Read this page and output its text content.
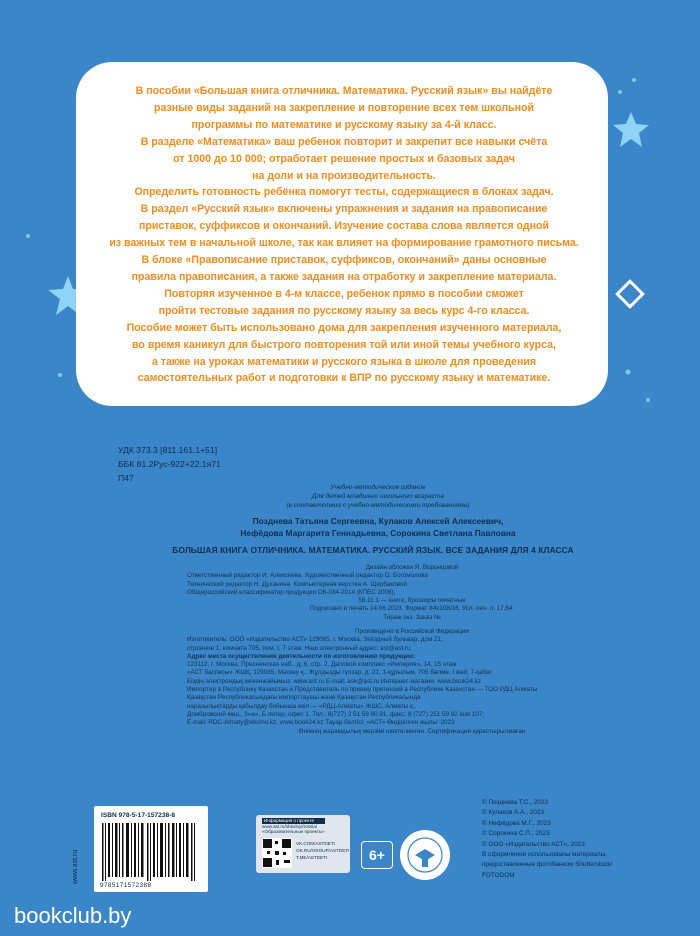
В пособии «Большая книга отличника. Математика. Русский язык» вы найдёте

разные виды заданий на закрепление и повторение всех тем школьной

программы по математике и русскому языку за 4-й класс.

В разделе «Математика» ваш ребенок повторит и закрепит все навыки счёта

от 1000 до 10 000; отработает решение простых и базовых задач

на доли и на производительность.

Определить готовность ребёнка помогут тесты, содержащиеся в блоках задач.

В раздел «Русский язык» включены упражнения и задания на правописание

приставок, суффиксов и окончаний. Изучение состава слова является одной

из важных тем в начальной школе, так как влияет на формирование грамотного письма.

В блоке «Правописание приставок, суффиксов, окончаний» даны основные

правила правописания, а также задания на отработку и закрепление материала.

Повторяя изученное в 4-м классе, ребенок прямо в пособии сможет

пройти тестовые задания по русскому языку за весь курс 4-го класса.

Пособие может быть использовано дома для закрепления изученного материала,

во время каникул для быстрого повторения той или иной темы учебного курса,

а также на уроках математики и русского языка в школе для проведения

самостоятельных работ и подготовки к ВПР по русскому языку и математике.

УДК 373.3 [811.161.1+51]
ББК 81.2Рус-922+22.1я71
П47
Учебно-методическое издание
Для детей младшего школьного возраста
(в соответствии с учебно-методическими требованиями)
Позднева Татьяна Сергеевна, Кулаков Алексей Алексеевич,
Нефёдова Маргарита Геннадьевна, Сорокина Светлана Павловна
БОЛЬШАЯ КНИГА ОТЛИЧНИКА. МАТЕМАТИКА. РУССКИЙ ЯЗЫК. ВСЕ ЗАДАНИЯ ДЛЯ 4 КЛАССА
Дизайн обложки Я. Воронцовой
Ответственный редактор И. Алексеева. Художественный редактор О. Богомолова
Технический редактор Н. Духанина. Компьютерная верстка А. Щербаковой
Общероссийский классификатор продукции ОК-034-2014 (КПЕС 2008);
58.11.1 — книги, брошюры печатные
Подписано в печать 14.06.2023. Формат 84х108/16. Усл. печ. л. 17,64.
Тираж экз. Заказ №
Произведено в Российской Федерации
Изготовитель: ООО «Издательство АСТ» 129085, г. Москва, Звёздный бульвар, дом 21,
строение 1, комната 705, пом. I, 7 этаж. Наш электронный адрес: ast@ast.ru
Адрес места осуществления деятельности по изготовлению продукции:
123112, г. Москва, Пресненская наб., д. 6, стр. 2, Деловой комплекс «Империя», 14, 15 этаж
«АСТ баспасы» ЖШҚ, 129085, Мәскеу қ., Жұлдызды гүлзар, д. 21, 1-құрылым, 705 бөлме, I жай, 7-қабат
Біздің электрондық мекенжайымыз: www.ast.ru E-mail: ask@ast.ru Интернет-магазин: www.book24.kz
Импортер в Республику Казахстан и Представитель по приему претензий в Республике Казахстан — ТОО РДЦ Алматы
Қазақстан Республикасындағы импорттаушы және Қазақстан Республикасында
наразылықтарды қабылдау бойынша өкіл — «РДЦ-Алматы» ЖШС, Алматы қ.,
Домбровский көш., 3«а», Б литер, офис 1. Тел.: 8(727) 2 51 59 90,91, факс: 8 (727) 251 59 92 ішкі 107;
E-mail: RDC-Almaty@eksmo.kz, www.book24.kz Тауар белгісі: «АСТ» Өндірілген жылы: 2023
Өнімнің жарамдылық мерзімі шектелмеген. Сертификация қарастырылмаған
© Позднева Т.С., 2023
© Кулаков А.А., 2023
© Нефёдова М.Г., 2023
© Сорокина С.П., 2023
© ООО «Издательство АСТ», 2023
В оформлении использованы материалы,
предоставленные фотобанком Shutterstock/
FOTODOM
www.ast.ru
ISBN 978-5-17-157238-8
9785171572388
Информация о проекте
www.ast.ru/shkolnyi/rossia/
«Образовательные проекты»
VK.COM/ASTDETI
OK.RU/GROUP/ASTDETI
T.ME/ASTDETI	6+
bookclub.by
